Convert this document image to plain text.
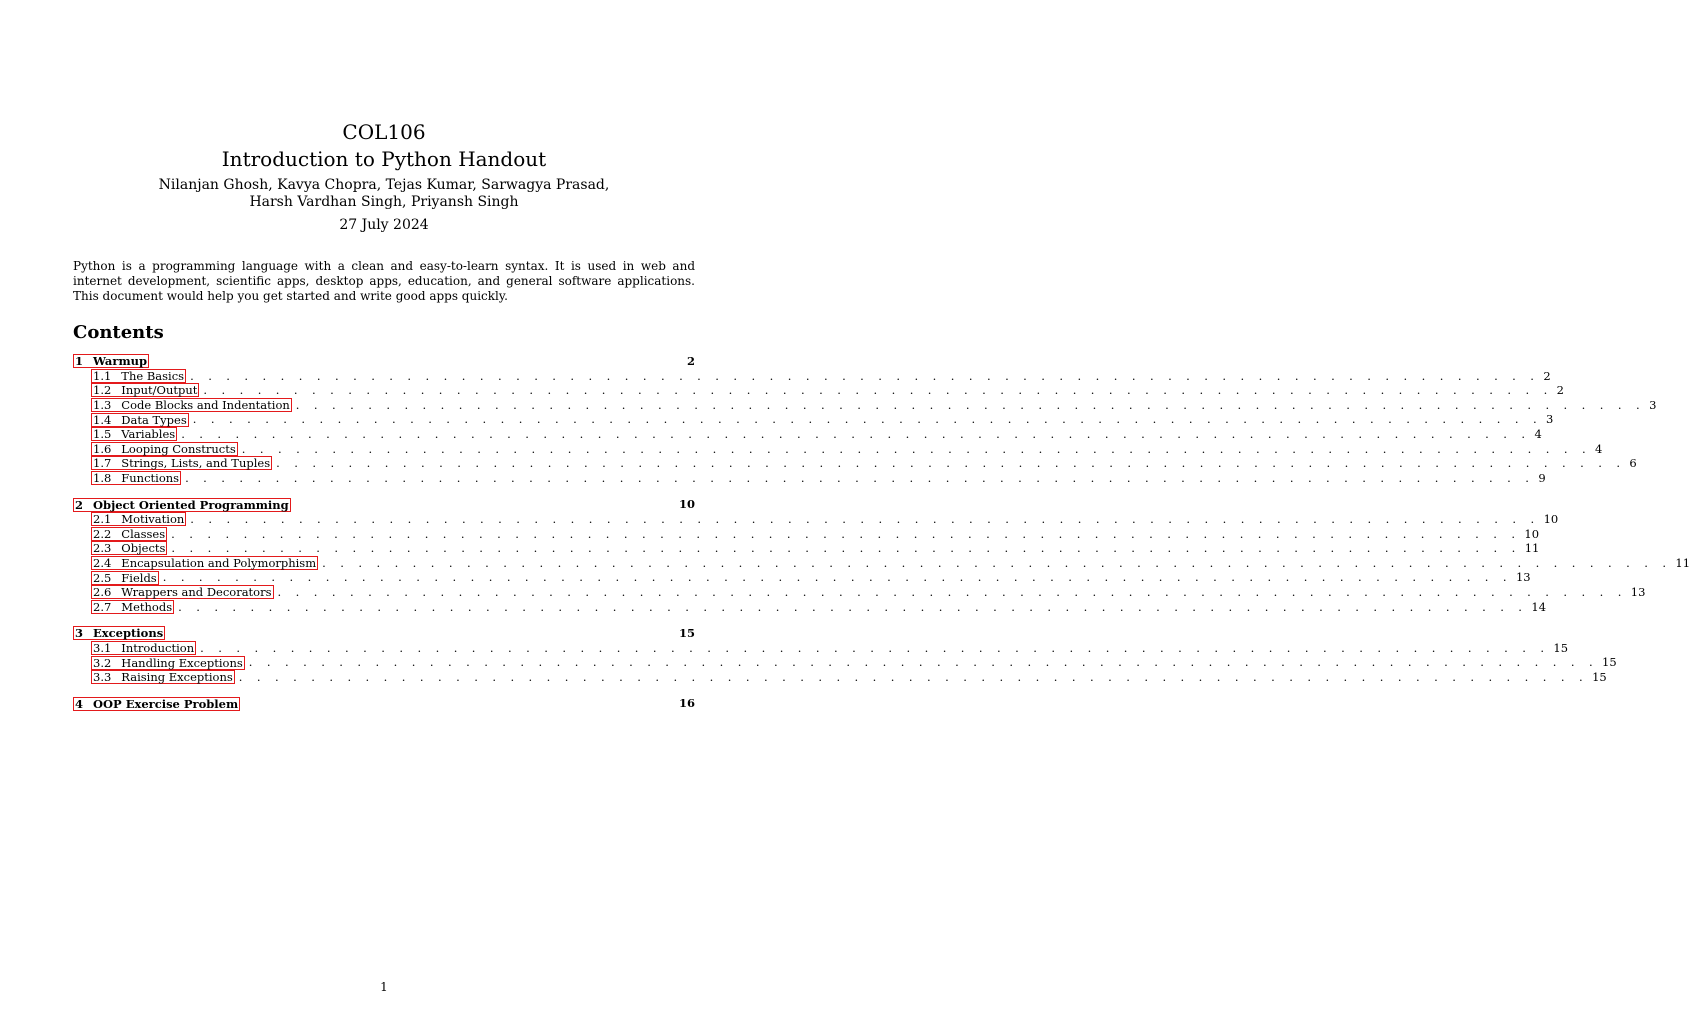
COL106
Introduction to Python Handout
Nilanjan Ghosh, Kavya Chopra, Tejas Kumar, Sarwagya Prasad,
Harsh Vardhan Singh, Priyansh Singh
27 July 2024
Python is a programming language with a clean and easy-to-learn syntax. It is used in web and internet development, scientific apps, desktop apps, education, and general software applications. This document would help you get started and write good apps quickly.
Contents
1 Warmup	2
1.1 The Basics . . . . . . . . . . . . . . . . . . . . . . . . . . . . . . . . . . . . . . . . . . . . . . . . . . . . . . . . . . . . . . . . . . . . . . . . . . . 2
1.2 Input/Output . . . . . . . . . . . . . . . . . . . . . . . . . . . . . . . . . . . . . . . . . . . . . . . . . . . . . . . . . . . . . . . . . . . . . . . . . . . 2
1.3 Code Blocks and Indentation . . . . . . . . . . . . . . . . . . . . . . . . . . . . . . . . . . . . . . . . . . . . . . . . . . . . . . . . . . . . . . . . . . . . . . . . . . . 3
1.4 Data Types . . . . . . . . . . . . . . . . . . . . . . . . . . . . . . . . . . . . . . . . . . . . . . . . . . . . . . . . . . . . . . . . . . . . . . . . . . . 3
1.5 Variables . . . . . . . . . . . . . . . . . . . . . . . . . . . . . . . . . . . . . . . . . . . . . . . . . . . . . . . . . . . . . . . . . . . . . . . . . . . 4
1.6 Looping Constructs . . . . . . . . . . . . . . . . . . . . . . . . . . . . . . . . . . . . . . . . . . . . . . . . . . . . . . . . . . . . . . . . . . . . . . . . . . . 4
1.7 Strings, Lists, and Tuples . . . . . . . . . . . . . . . . . . . . . . . . . . . . . . . . . . . . . . . . . . . . . . . . . . . . . . . . . . . . . . . . . . . . . . . . . . . 6
1.8 Functions . . . . . . . . . . . . . . . . . . . . . . . . . . . . . . . . . . . . . . . . . . . . . . . . . . . . . . . . . . . . . . . . . . . . . . . . . . . 9
2 Object Oriented Programming	10
2.1 Motivation . . . . . . . . . . . . . . . . . . . . . . . . . . . . . . . . . . . . . . . . . . . . . . . . . . . . . . . . . . . . . . . . . . . . . . . . . . . 10
2.2 Classes . . . . . . . . . . . . . . . . . . . . . . . . . . . . . . . . . . . . . . . . . . . . . . . . . . . . . . . . . . . . . . . . . . . . . . . . . . . 10
2.3 Objects . . . . . . . . . . . . . . . . . . . . . . . . . . . . . . . . . . . . . . . . . . . . . . . . . . . . . . . . . . . . . . . . . . . . . . . . . . . 11
2.4 Encapsulation and Polymorphism . . . . . . . . . . . . . . . . . . . . . . . . . . . . . . . . . . . . . . . . . . . . . . . . . . . . . . . . . . . . . . . . . . . . . . . . . . . 11
2.5 Fields . . . . . . . . . . . . . . . . . . . . . . . . . . . . . . . . . . . . . . . . . . . . . . . . . . . . . . . . . . . . . . . . . . . . . . . . . . . 13
2.6 Wrappers and Decorators . . . . . . . . . . . . . . . . . . . . . . . . . . . . . . . . . . . . . . . . . . . . . . . . . . . . . . . . . . . . . . . . . . . . . . . . . . . 13
2.7 Methods . . . . . . . . . . . . . . . . . . . . . . . . . . . . . . . . . . . . . . . . . . . . . . . . . . . . . . . . . . . . . . . . . . . . . . . . . . . 14
3 Exceptions	15
3.1 Introduction . . . . . . . . . . . . . . . . . . . . . . . . . . . . . . . . . . . . . . . . . . . . . . . . . . . . . . . . . . . . . . . . . . . . . . . . . . . 15
3.2 Handling Exceptions . . . . . . . . . . . . . . . . . . . . . . . . . . . . . . . . . . . . . . . . . . . . . . . . . . . . . . . . . . . . . . . . . . . . . . . . . . . 15
3.3 Raising Exceptions . . . . . . . . . . . . . . . . . . . . . . . . . . . . . . . . . . . . . . . . . . . . . . . . . . . . . . . . . . . . . . . . . . . . . . . . . . . 15
4 OOP Exercise Problem	16
1
